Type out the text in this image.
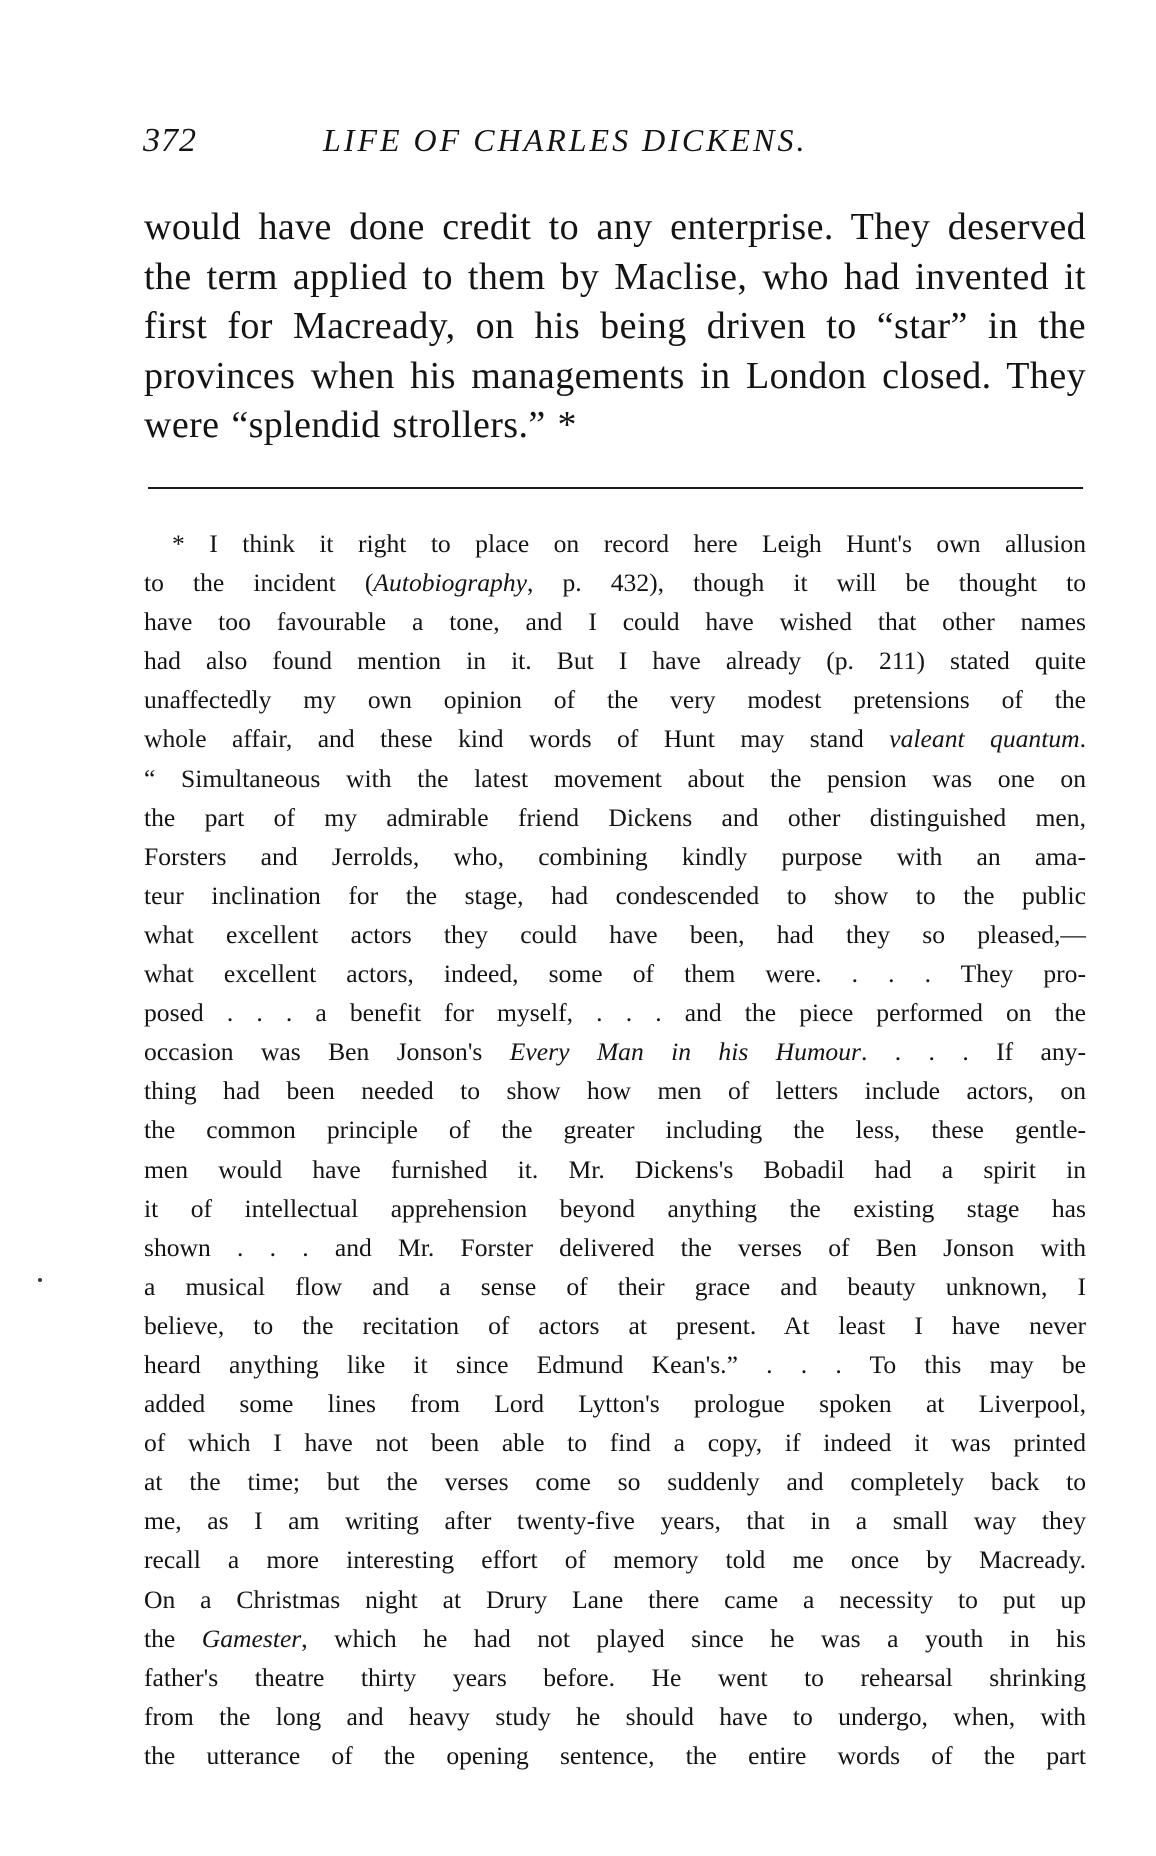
372	LIFE OF CHARLES DICKENS.

would have done credit to any enterprise. They deserved the term applied to them by Maclise, who had invented it first for Macready, on his being driven to “star” in the provinces when his managements in London closed. They were “splendid strollers.” *

* I think it right to place on record here Leigh Hunt's own allusion
to the incident (Autobiography, p. 432), though it will be thought to
have too favourable a tone, and I could have wished that other names
had also found mention in it. But I have already (p. 211) stated quite
unaffectedly my own opinion of the very modest pretensions of the
whole affair, and these kind words of Hunt may stand valeant quantum.
“ Simultaneous with the latest movement about the pension was one on
the part of my admirable friend Dickens and other distinguished men,
Forsters and Jerrolds, who, combining kindly purpose with an ama-
teur inclination for the stage, had condescended to show to the public
what excellent actors they could have been, had they so pleased,—
what excellent actors, indeed, some of them were. . . . They pro-
posed . . . a benefit for myself, . . . and the piece performed on the
occasion was Ben Jonson's Every Man in his Humour. . . . If any-
thing had been needed to show how men of letters include actors, on
the common principle of the greater including the less, these gentle-
men would have furnished it. Mr. Dickens's Bobadil had a spirit in
it of intellectual apprehension beyond anything the existing stage has
shown . . . and Mr. Forster delivered the verses of Ben Jonson with
a musical flow and a sense of their grace and beauty unknown, I
believe, to the recitation of actors at present. At least I have never
heard anything like it since Edmund Kean's.” . . . To this may be
added some lines from Lord Lytton's prologue spoken at Liverpool,
of which I have not been able to find a copy, if indeed it was printed
at the time; but the verses come so suddenly and completely back to
me, as I am writing after twenty-five years, that in a small way they
recall a more interesting effort of memory told me once by Macready.
On a Christmas night at Drury Lane there came a necessity to put up
the Gamester, which he had not played since he was a youth in his
father's theatre thirty years before. He went to rehearsal shrinking
from the long and heavy study he should have to undergo, when, with
the utterance of the opening sentence, the entire words of the part
